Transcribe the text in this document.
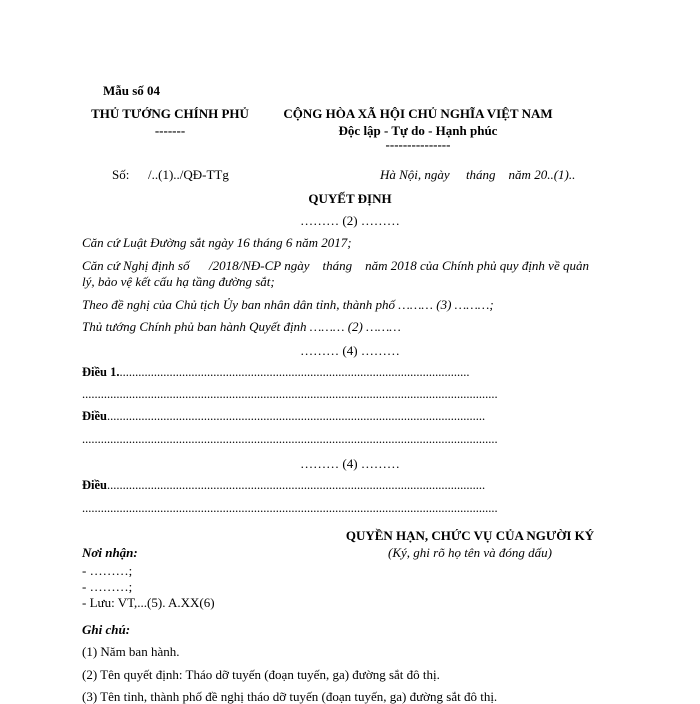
Mẫu số 04
THỦ TƯỚNG CHÍNH PHỦ
-------
CỘNG HÒA XÃ HỘI CHỦ NGHĨA VIỆT NAM
Độc lập - Tự do - Hạnh phúc
---------------
Số: /..(1)../QĐ-TTg	Hà Nội, ngày     tháng    năm 20..(1)..
QUYẾT ĐỊNH
……… (2) ………
Căn cứ Luật Đường sắt ngày 16 tháng 6 năm 2017;
Căn cứ Nghị định số      /2018/NĐ-CP ngày    tháng    năm 2018 của Chính phủ quy định về quản
lý, bảo vệ kết cấu hạ tầng đường sắt;
Theo đề nghị của Chủ tịch Ủy ban nhân dân tỉnh, thành phố ……… (3) ………;
Thủ tướng Chính phủ ban hành Quyết định ……… (2) ………
……… (4) ………
Điều 1.................................................................................................................
.....................................................................................................................................
Điều.........................................................................................................................
.....................................................................................................................................
……… (4) ………
Điều.........................................................................................................................
.....................................................................................................................................
QUYỀN HẠN, CHỨC VỤ CỦA NGƯỜI KÝ
(Ký, ghi rõ họ tên và đóng dấu)
Nơi nhận:
- ………;
- ………;
- Lưu: VT,...(5). A.XX(6)
Ghi chú:
(1) Năm ban hành.
(2) Tên quyết định: Tháo dỡ tuyến (đoạn tuyến, ga) đường sắt đô thị.
(3) Tên tỉnh, thành phố đề nghị tháo dỡ tuyến (đoạn tuyến, ga) đường sắt đô thị.
